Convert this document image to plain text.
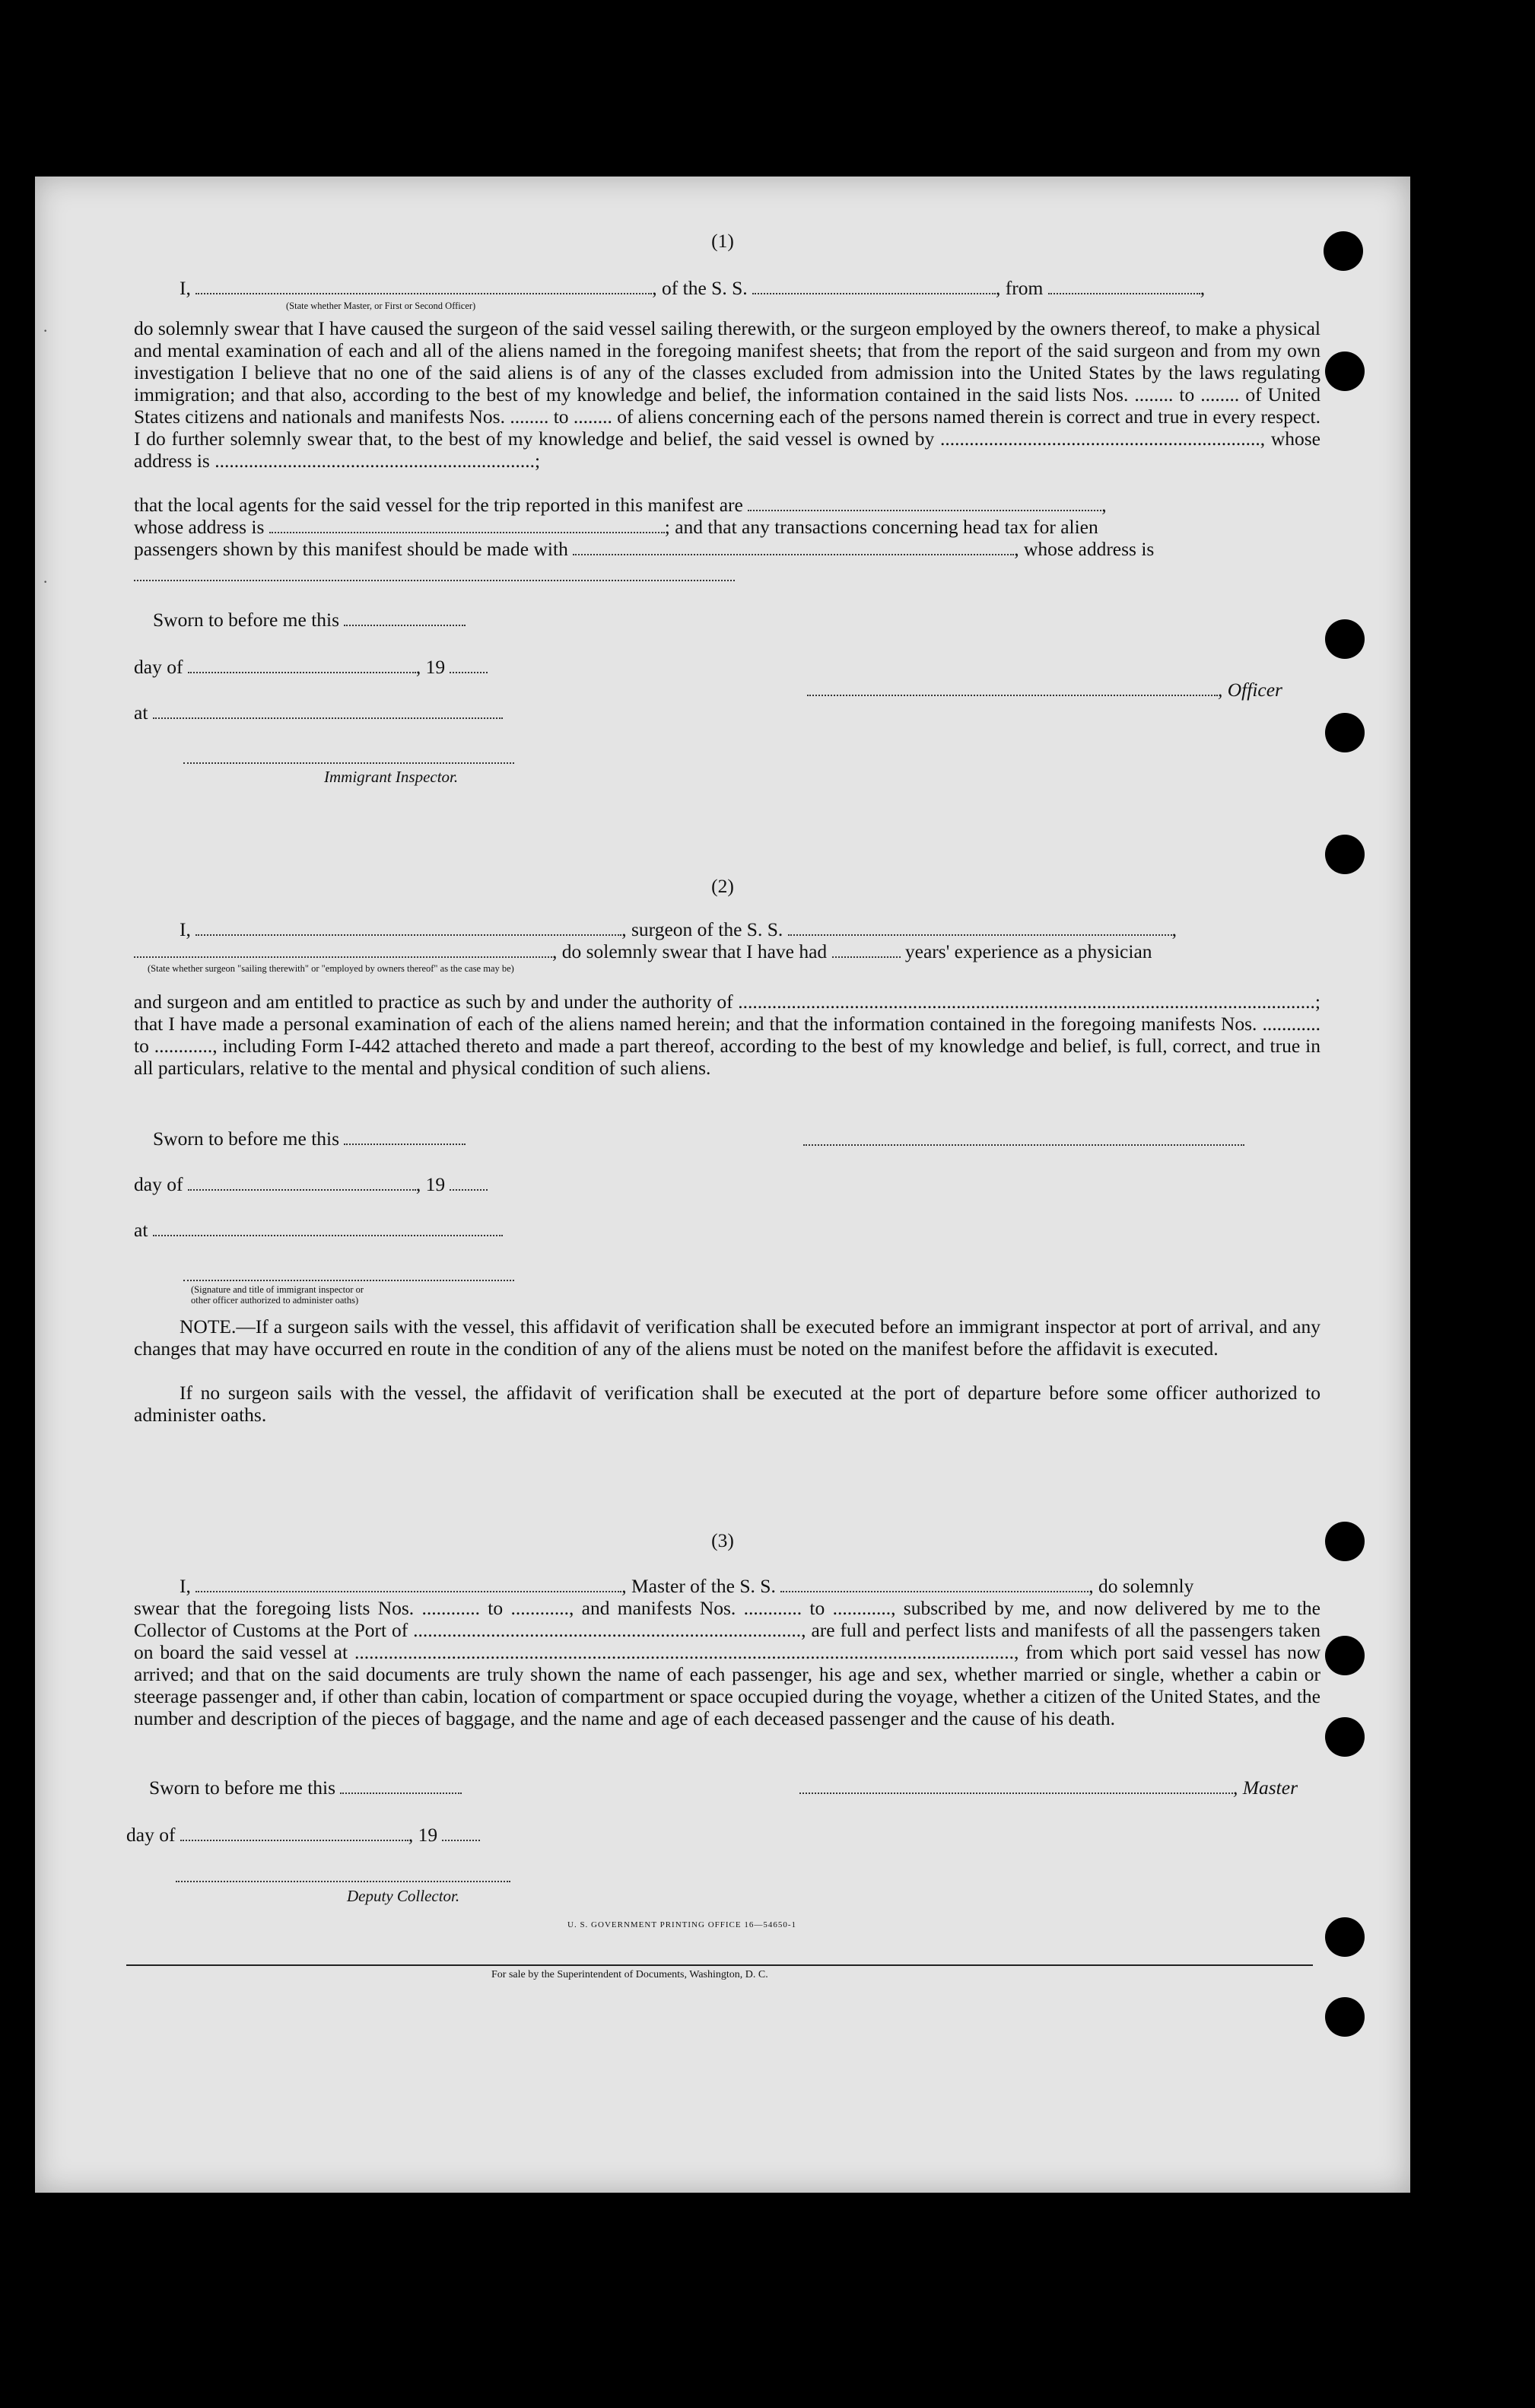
(1)
I,	, of the S. S.	, from	,
(State whether Master, or First or Second Officer)
do solemnly swear that I have caused the surgeon of the said vessel sailing therewith, or the surgeon employed by the owners thereof, to make a physical and mental examination of each and all of the aliens named in the foregoing manifest sheets; that from the report of the said surgeon and from my own investigation I believe that no one of the said aliens is of any of the classes excluded from admission into the United States by the laws regulating immigration; and that also, according to the best of my knowledge and belief, the information contained in the said lists Nos. ........ to ........ of United States citizens and nationals and manifests Nos. ........ to ........ of aliens concerning each of the persons named therein is correct and true in every respect. I do further solemnly swear that, to the best of my knowledge and belief, the said vessel is owned by .................................................................., whose address is ..................................................................;
that the local agents for the said vessel for the trip reported in this manifest are	,
whose address is	; and that any transactions concerning head tax for alien
passengers shown by this manifest should be made with	, whose address is
Sworn to before me this
day of	, 19
at
, Officer
Immigrant Inspector.
(2)
I,	, surgeon of the S. S.	,
, do solemnly swear that I have had	years' experience as a physician
(State whether surgeon "sailing therewith" or "employed by owners thereof" as the case may be)
and surgeon and am entitled to practice as such by and under the authority of .......................................................................................................................; that I have made a personal examination of each of the aliens named herein; and that the information contained in the foregoing manifests Nos. ............ to ............, including Form I-442 attached thereto and made a part thereof, according to the best of my knowledge and belief, is full, correct, and true in all particulars, relative to the mental and physical condition of such aliens.
Sworn to before me this
day of	, 19
at
(Signature and title of immigrant inspector or
other officer authorized to administer oaths)
NOTE.—If a surgeon sails with the vessel, this affidavit of verification shall be executed before an immigrant inspector at port of arrival, and any changes that may have occurred en route in the condition of any of the aliens must be noted on the manifest before the affidavit is executed.
If no surgeon sails with the vessel, the affidavit of verification shall be executed at the port of departure before some officer authorized to administer oaths.
(3)
I,	, Master of the S. S.	, do solemnly
swear that the foregoing lists Nos. ............ to ............, and manifests Nos. ............ to ............, subscribed by me, and now delivered by me to the Collector of Customs at the Port of ................................................................................, are full and perfect lists and manifests of all the passengers taken on board the said vessel at ........................................................................................................................................, from which port said vessel has now arrived; and that on the said documents are truly shown the name of each passenger, his age and sex, whether married or single, whether a cabin or steerage passenger and, if other than cabin, location of compartment or space occupied during the voyage, whether a citizen of the United States, and the number and description of the pieces of baggage, and the name and age of each deceased passenger and the cause of his death.
Sworn to before me this	, Master
day of	, 19
Deputy Collector.
U. S. GOVERNMENT PRINTING OFFICE 16—54650-1
For sale by the Superintendent of Documents, Washington, D. C.
·
·
